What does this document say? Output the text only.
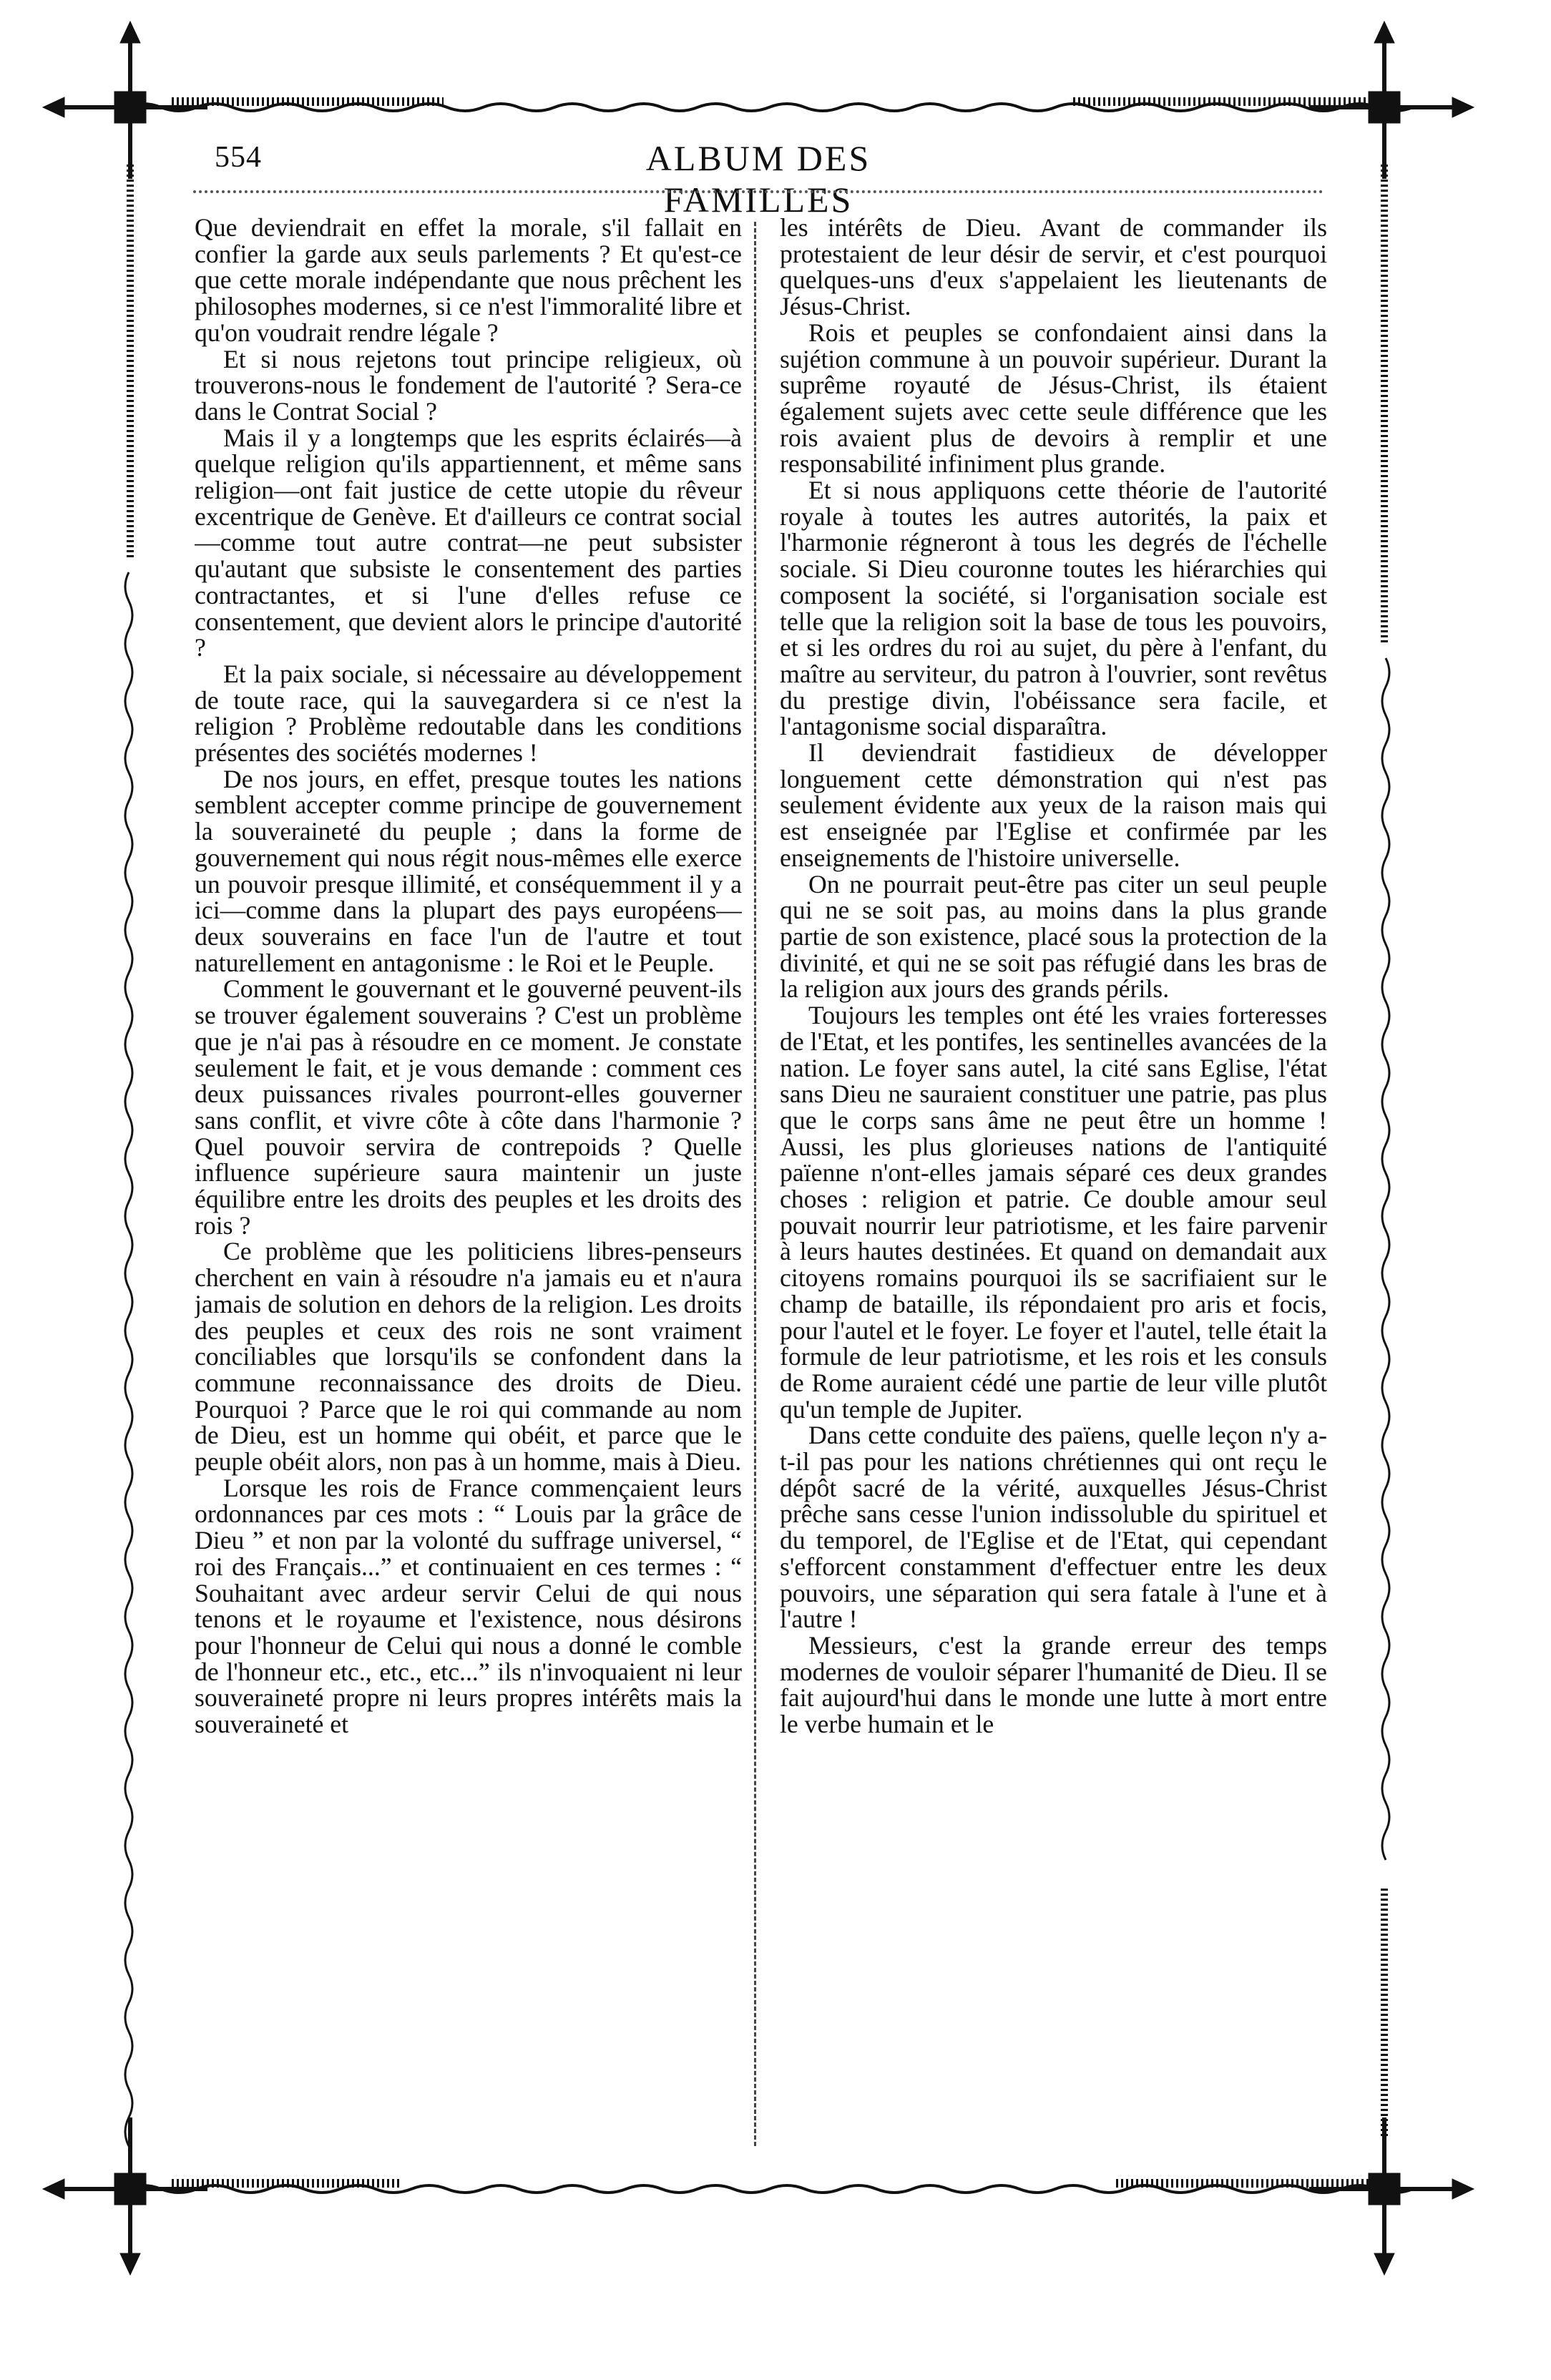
554	ALBUM DES FAMILLES

Que deviendrait en effet la morale, s'il fallait en confier la garde aux seuls parlements ? Et qu'est-ce que cette morale indépendante que nous prêchent les philosophes modernes, si ce n'est l'immoralité libre et qu'on voudrait rendre légale ?

Et si nous rejetons tout principe religieux, où trouverons-nous le fondement de l'autorité ? Sera-ce dans le Contrat Social ?

Mais il y a longtemps que les esprits éclairés—à quelque religion qu'ils appartiennent, et même sans religion—ont fait justice de cette utopie du rêveur excentrique de Genève. Et d'ailleurs ce contrat social—comme tout autre contrat—ne peut subsister qu'autant que subsiste le consentement des parties contractantes, et si l'une d'elles refuse ce consentement, que devient alors le principe d'autorité ?

Et la paix sociale, si nécessaire au développement de toute race, qui la sauvegardera si ce n'est la religion ? Problème redoutable dans les conditions présentes des sociétés modernes !

De nos jours, en effet, presque toutes les nations semblent accepter comme principe de gouvernement la souveraineté du peuple ; dans la forme de gouvernement qui nous régit nous-mêmes elle exerce un pouvoir presque illimité, et conséquemment il y a ici—comme dans la plupart des pays européens—deux souverains en face l'un de l'autre et tout naturellement en antagonisme : le Roi et le Peuple.

Comment le gouvernant et le gouverné peuvent-ils se trouver également souverains ? C'est un problème que je n'ai pas à résoudre en ce moment. Je constate seulement le fait, et je vous demande : comment ces deux puissances rivales pourront-elles gouverner sans conflit, et vivre côte à côte dans l'harmonie ? Quel pouvoir servira de contrepoids ? Quelle influence supérieure saura maintenir un juste équilibre entre les droits des peuples et les droits des rois ?

Ce problème que les politiciens libres-penseurs cherchent en vain à résoudre n'a jamais eu et n'aura jamais de solution en dehors de la religion. Les droits des peuples et ceux des rois ne sont vraiment conciliables que lorsqu'ils se confondent dans la commune reconnaissance des droits de Dieu. Pourquoi ? Parce que le roi qui commande au nom de Dieu, est un homme qui obéit, et parce que le peuple obéit alors, non pas à un homme, mais à Dieu.

Lorsque les rois de France commençaient leurs ordonnances par ces mots : “ Louis par la grâce de Dieu ” et non par la volonté du suffrage universel, “ roi des Français...” et continuaient en ces termes : “ Souhaitant avec ardeur servir Celui de qui nous tenons et le royaume et l'existence, nous désirons pour l'honneur de Celui qui nous a donné le comble de l'honneur etc., etc., etc...” ils n'invoquaient ni leur souveraineté propre ni leurs propres intérêts mais la souveraineté et

les intérêts de Dieu. Avant de commander ils protestaient de leur désir de servir, et c'est pourquoi quelques-uns d'eux s'appelaient les lieutenants de Jésus-Christ.

Rois et peuples se confondaient ainsi dans la sujétion commune à un pouvoir supérieur. Durant la suprême royauté de Jésus-Christ, ils étaient également sujets avec cette seule différence que les rois avaient plus de devoirs à remplir et une responsabilité infiniment plus grande.

Et si nous appliquons cette théorie de l'autorité royale à toutes les autres autorités, la paix et l'harmonie régneront à tous les degrés de l'échelle sociale. Si Dieu couronne toutes les hiérarchies qui composent la société, si l'organisation sociale est telle que la religion soit la base de tous les pouvoirs, et si les ordres du roi au sujet, du père à l'enfant, du maître au serviteur, du patron à l'ouvrier, sont revêtus du prestige divin, l'obéissance sera facile, et l'antagonisme social disparaîtra.

Il deviendrait fastidieux de développer longuement cette démonstration qui n'est pas seulement évidente aux yeux de la raison mais qui est enseignée par l'Eglise et confirmée par les enseignements de l'histoire universelle.

On ne pourrait peut-être pas citer un seul peuple qui ne se soit pas, au moins dans la plus grande partie de son existence, placé sous la protection de la divinité, et qui ne se soit pas réfugié dans les bras de la religion aux jours des grands périls.

Toujours les temples ont été les vraies forteresses de l'Etat, et les pontifes, les sentinelles avancées de la nation. Le foyer sans autel, la cité sans Eglise, l'état sans Dieu ne sauraient constituer une patrie, pas plus que le corps sans âme ne peut être un homme ! Aussi, les plus glorieuses nations de l'antiquité païenne n'ont-elles jamais séparé ces deux grandes choses : religion et patrie. Ce double amour seul pouvait nourrir leur patriotisme, et les faire parvenir à leurs hautes destinées. Et quand on demandait aux citoyens romains pourquoi ils se sacrifiaient sur le champ de bataille, ils répondaient pro aris et focis, pour l'autel et le foyer. Le foyer et l'autel, telle était la formule de leur patriotisme, et les rois et les consuls de Rome auraient cédé une partie de leur ville plutôt qu'un temple de Jupiter.

Dans cette conduite des païens, quelle leçon n'y a-t-il pas pour les nations chrétiennes qui ont reçu le dépôt sacré de la vérité, auxquelles Jésus-Christ prêche sans cesse l'union indissoluble du spirituel et du temporel, de l'Eglise et de l'Etat, qui cependant s'efforcent constamment d'effectuer entre les deux pouvoirs, une séparation qui sera fatale à l'une et à l'autre !

Messieurs, c'est la grande erreur des temps modernes de vouloir séparer l'humanité de Dieu. Il se fait aujourd'hui dans le monde une lutte à mort entre le verbe humain et le
